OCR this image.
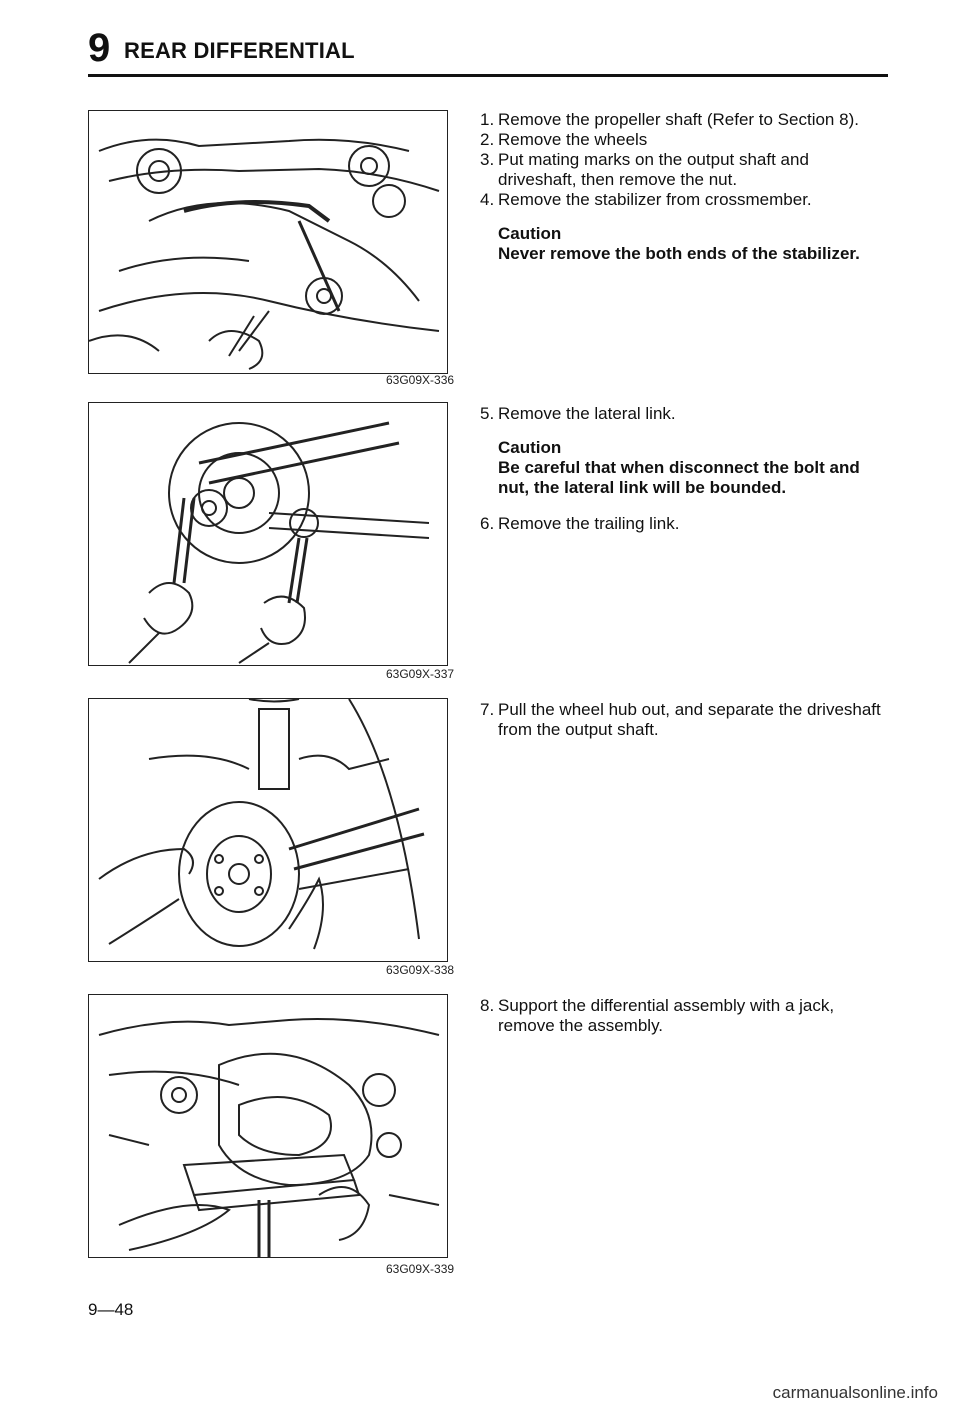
9 REAR DIFFERENTIAL
63G09X-336
63G09X-337
63G09X-338
63G09X-339

1. Remove the propeller shaft (Refer to Section 8).

2. Remove the wheels

3. Put mating marks on the output shaft and driveshaft, then remove the nut.

4. Remove the stabilizer from crossmember.

Caution
Never remove the both ends of the stabilizer.

5. Remove the lateral link.

Caution
Be careful that when disconnect the bolt and nut, the lateral link will be bounded.

6. Remove the trailing link.

7. Pull the wheel hub out, and separate the driveshaft from the output shaft.

8. Support the differential assembly with a jack, remove the assembly.

9—48
carmanualsonline.info
